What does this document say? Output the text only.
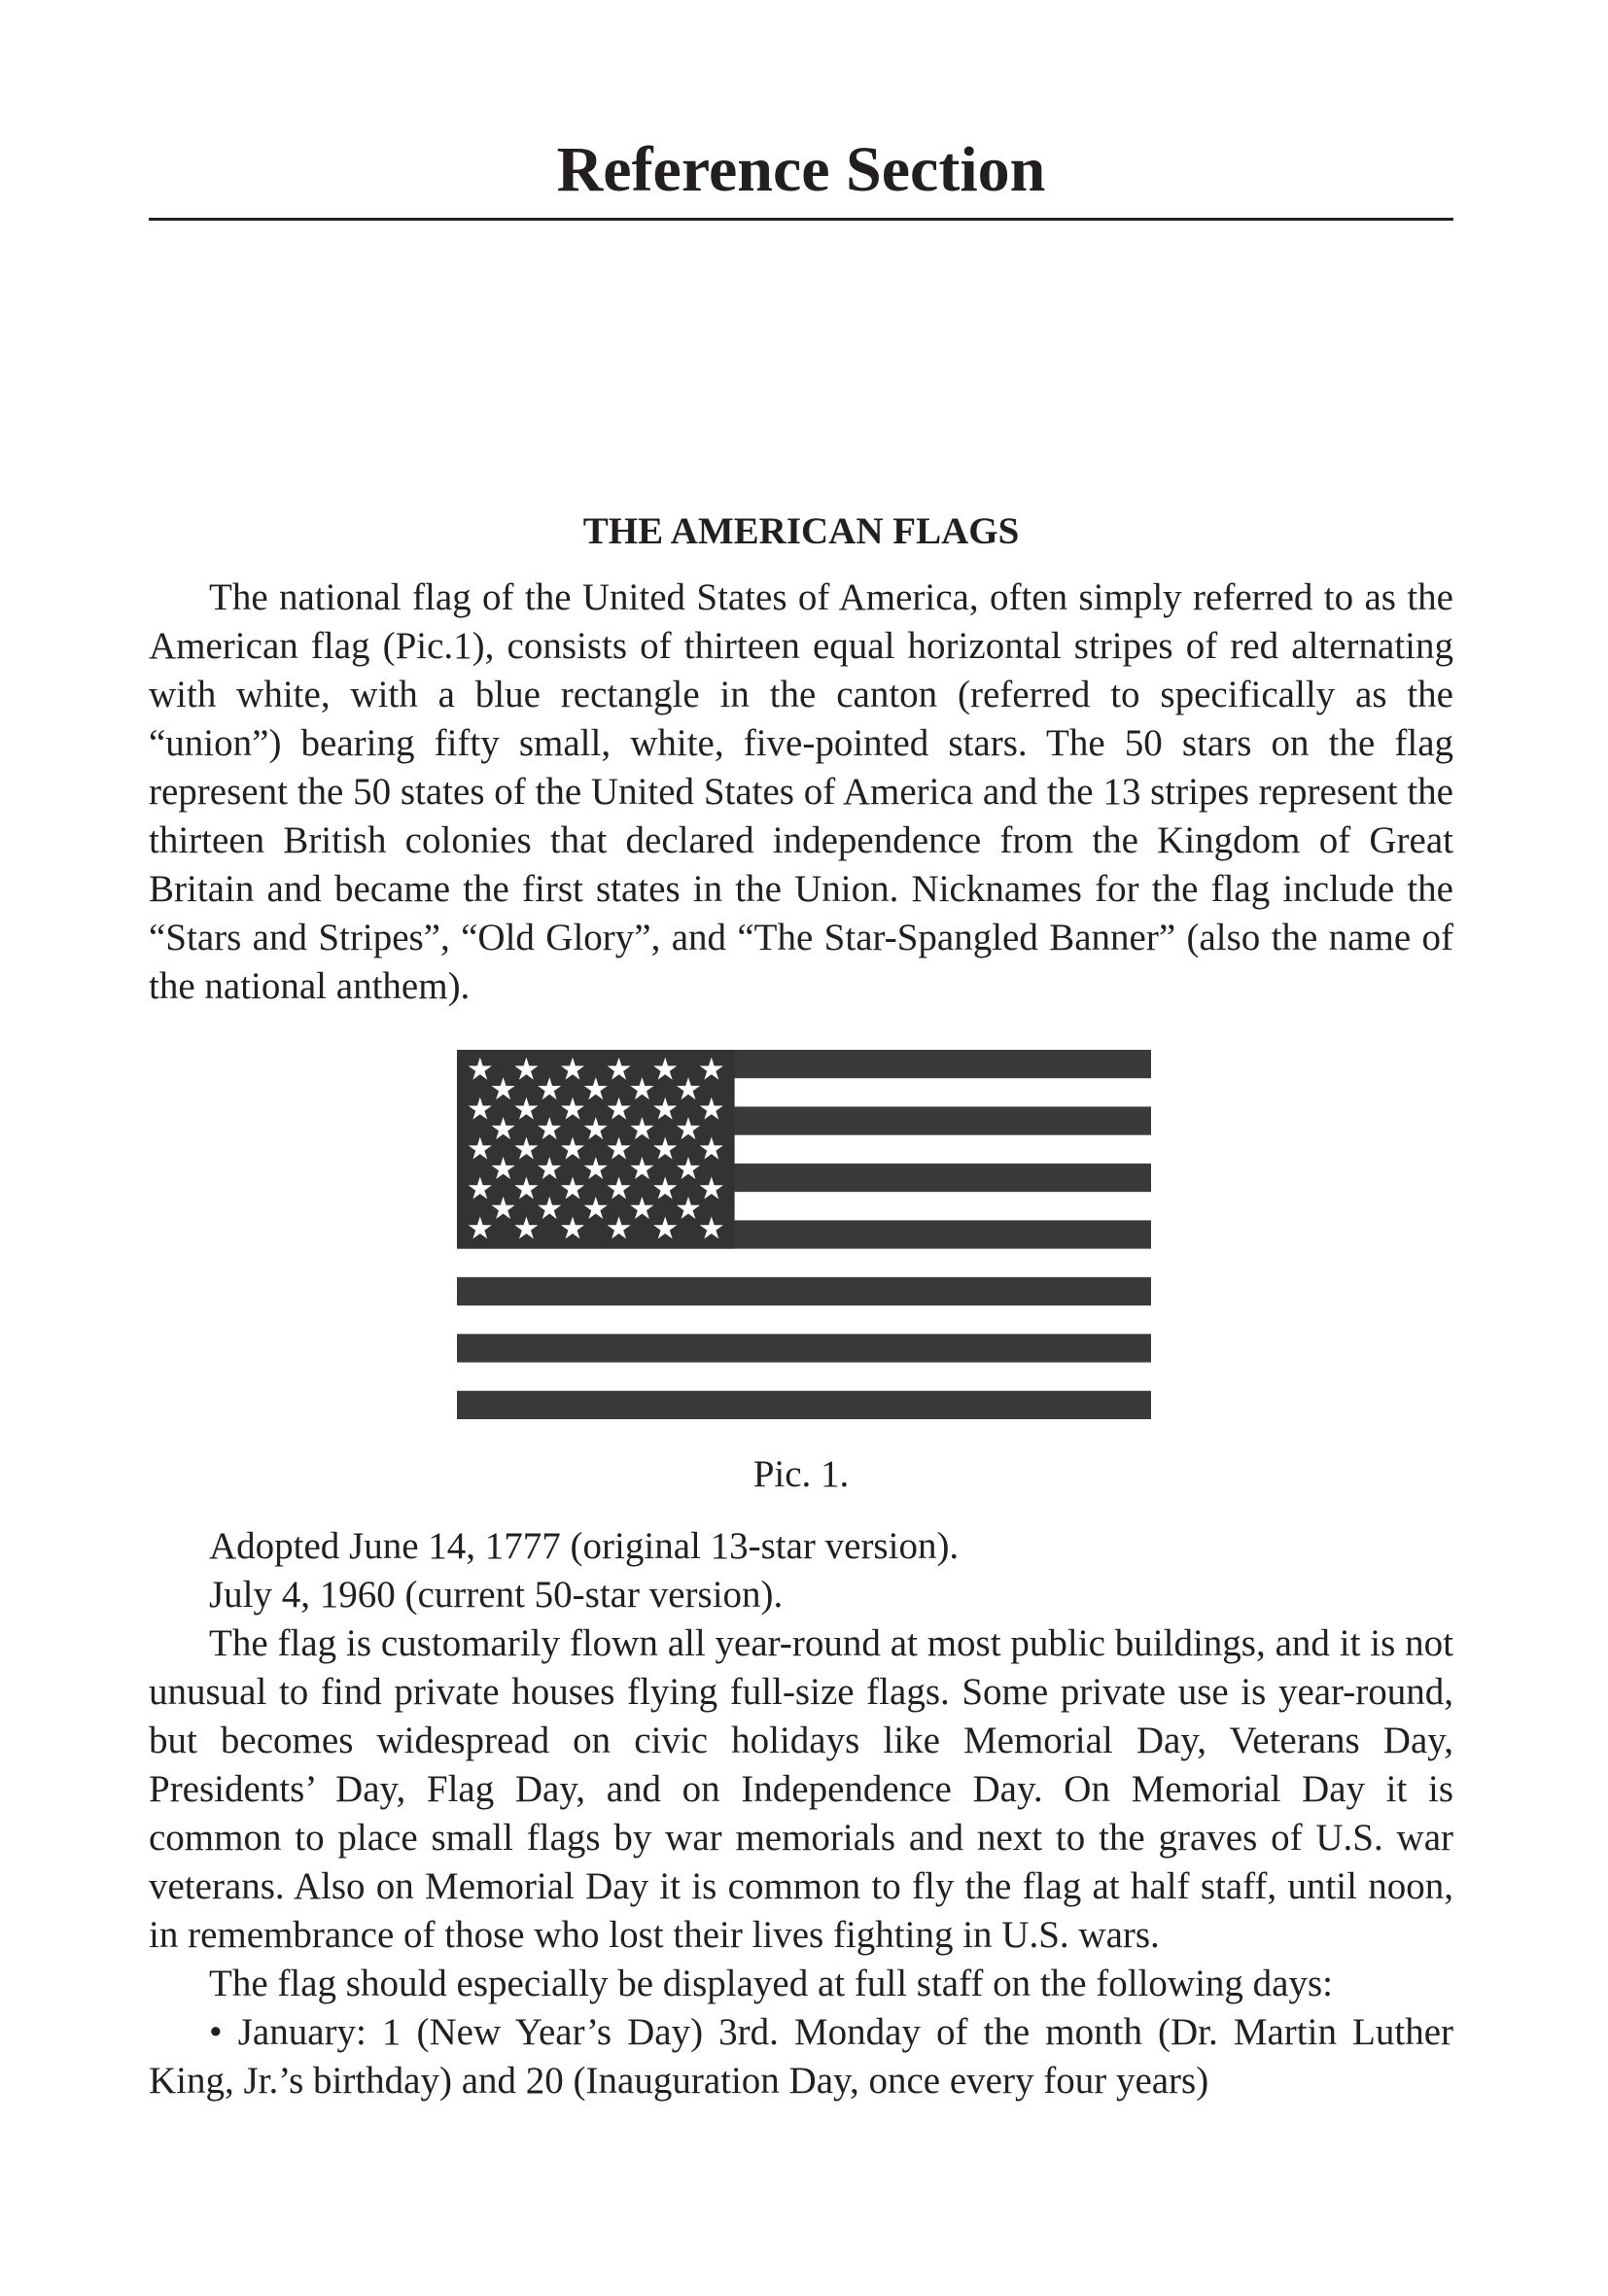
Reference Section
THE AMERICAN FLAGS

The national flag of the United States of America, often simply referred to as the American flag (Pic.1), consists of thirteen equal horizontal stripes of red alternating with white, with a blue rectangle in the canton (referred to specifically as the “union”) bearing fifty small, white, five-pointed stars. The 50 stars on the flag represent the 50 states of the United States of America and the 13 stripes represent the thirteen British colonies that declared independence from the Kingdom of Great Britain and became the first states in the Union. Nicknames for the flag include the “Stars and Stripes”, “Old Glory”, and “The Star-Spangled Banner” (also the name of the national anthem).

Pic. 1.

Adopted June 14, 1777 (original 13-star version).

July 4, 1960 (current 50-star version).

The flag is customarily flown all year-round at most public buildings, and it is not unusual to find private houses flying full-size flags. Some private use is year-round, but becomes widespread on civic holidays like Memorial Day, Veterans Day, Presidents’ Day, Flag Day, and on Independence Day. On Memorial Day it is common to place small flags by war memorials and next to the graves of U.S. war veterans. Also on Memorial Day it is common to fly the flag at half staff, until noon, in remembrance of those who lost their lives fighting in U.S. wars.

The flag should especially be displayed at full staff on the following days:

• January: 1 (New Year’s Day) 3rd. Monday of the month (Dr. Martin Luther King, Jr.’s birthday) and 20 (Inauguration Day, once every four years)
